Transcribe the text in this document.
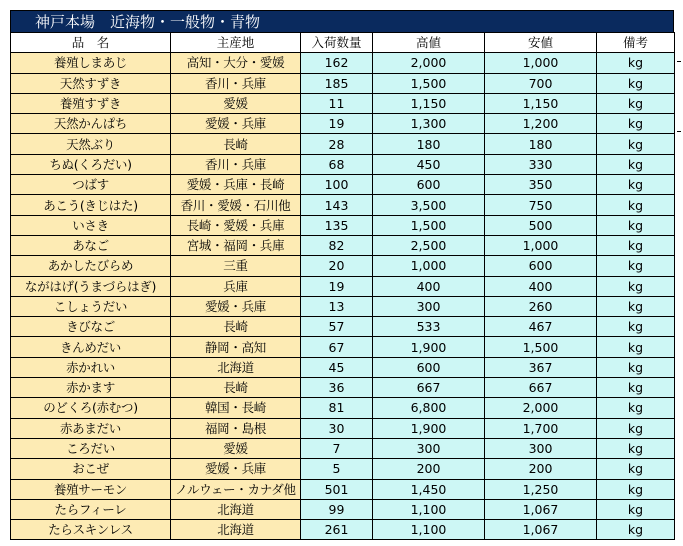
神戸本場　近海物・一般物・青物
品　名	主産地	入荷数量	高値	安値	備考
養殖しまあじ	高知・大分・愛媛	162	2,000	1,000	kg
天然すずき	香川・兵庫	185	1,500	700	kg
養殖すずき	愛媛	11	1,150	1,150	kg
天然かんぱち	愛媛・兵庫	19	1,300	1,200	kg
天然ぶり	長崎	28	180	180	kg
ちぬ(くろだい)	香川・兵庫	68	450	330	kg
つばす	愛媛・兵庫・長崎	100	600	350	kg
あこう(きじはた)	香川・愛媛・石川他	143	3,500	750	kg
いさき	長崎・愛媛・兵庫	135	1,500	500	kg
あなご	宮城・福岡・兵庫	82	2,500	1,000	kg
あかしたびらめ	三重	20	1,000	600	kg
ながはげ(うまづらはぎ)	兵庫	19	400	400	kg
こしょうだい	愛媛・兵庫	13	300	260	kg
きびなご	長崎	57	533	467	kg
きんめだい	静岡・高知	67	1,900	1,500	kg
赤かれい	北海道	45	600	367	kg
赤かます	長崎	36	667	667	kg
のどくろ(赤むつ)	韓国・長崎	81	6,800	2,000	kg
赤あまだい	福岡・島根	30	1,900	1,700	kg
ころだい	愛媛	7	300	300	kg
おこぜ	愛媛・兵庫	5	200	200	kg
養殖サーモン	ノルウェー・カナダ他	501	1,450	1,250	kg
たらフィーレ	北海道	99	1,100	1,067	kg
たらスキンレス	北海道	261	1,100	1,067	kg
